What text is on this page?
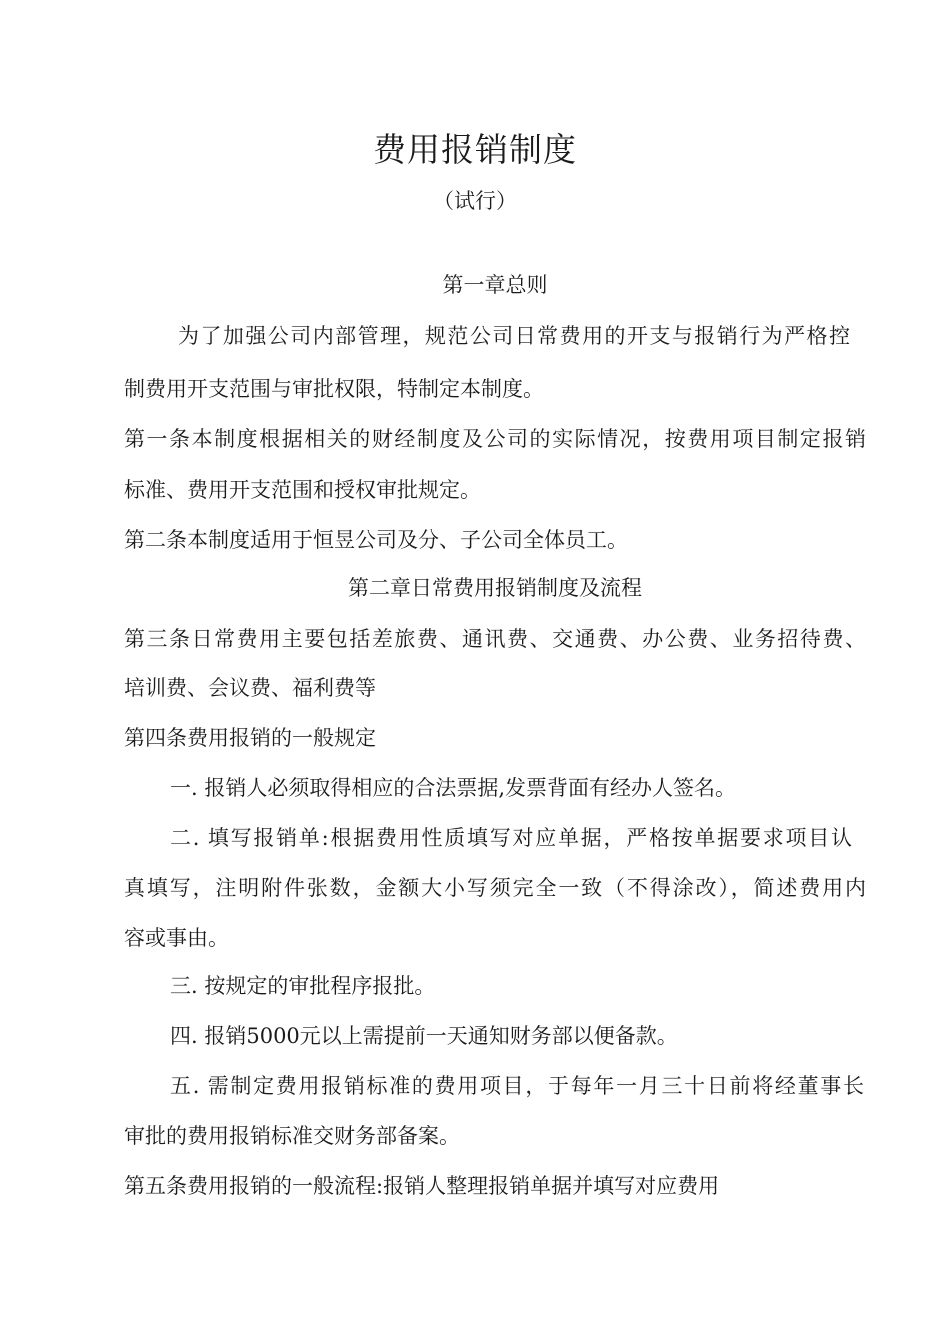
费用报销制度
（试行）
第一章总则
为了加强公司内部管理，规范公司日常费用的开支与报销行为严格控
制费用开支范围与审批权限，特制定本制度。
第一条本制度根据相关的财经制度及公司的实际情况，按费用项目制定报销
标准、费用开支范围和授权审批规定。
第二条本制度适用于恒昱公司及分、子公司全体员工。
第二章日常费用报销制度及流程
第三条日常费用主要包括差旅费、通讯费、交通费、办公费、业务招待费、
培训费、会议费、福利费等
第四条费用报销的一般规定
一. 报销人必须取得相应的合法票据,发票背面有经办人签名。
二. 填写报销单:根据费用性质填写对应单据，严格按单据要求项目认
真填写，注明附件张数，金额大小写须完全一致（不得涂改），简述费用内
容或事由。
三. 按规定的审批程序报批。
四. 报销5000元以上需提前一天通知财务部以便备款。
五. 需制定费用报销标准的费用项目，于每年一月三十日前将经董事长
审批的费用报销标准交财务部备案。
第五条费用报销的一般流程:报销人整理报销单据并填写对应费用
